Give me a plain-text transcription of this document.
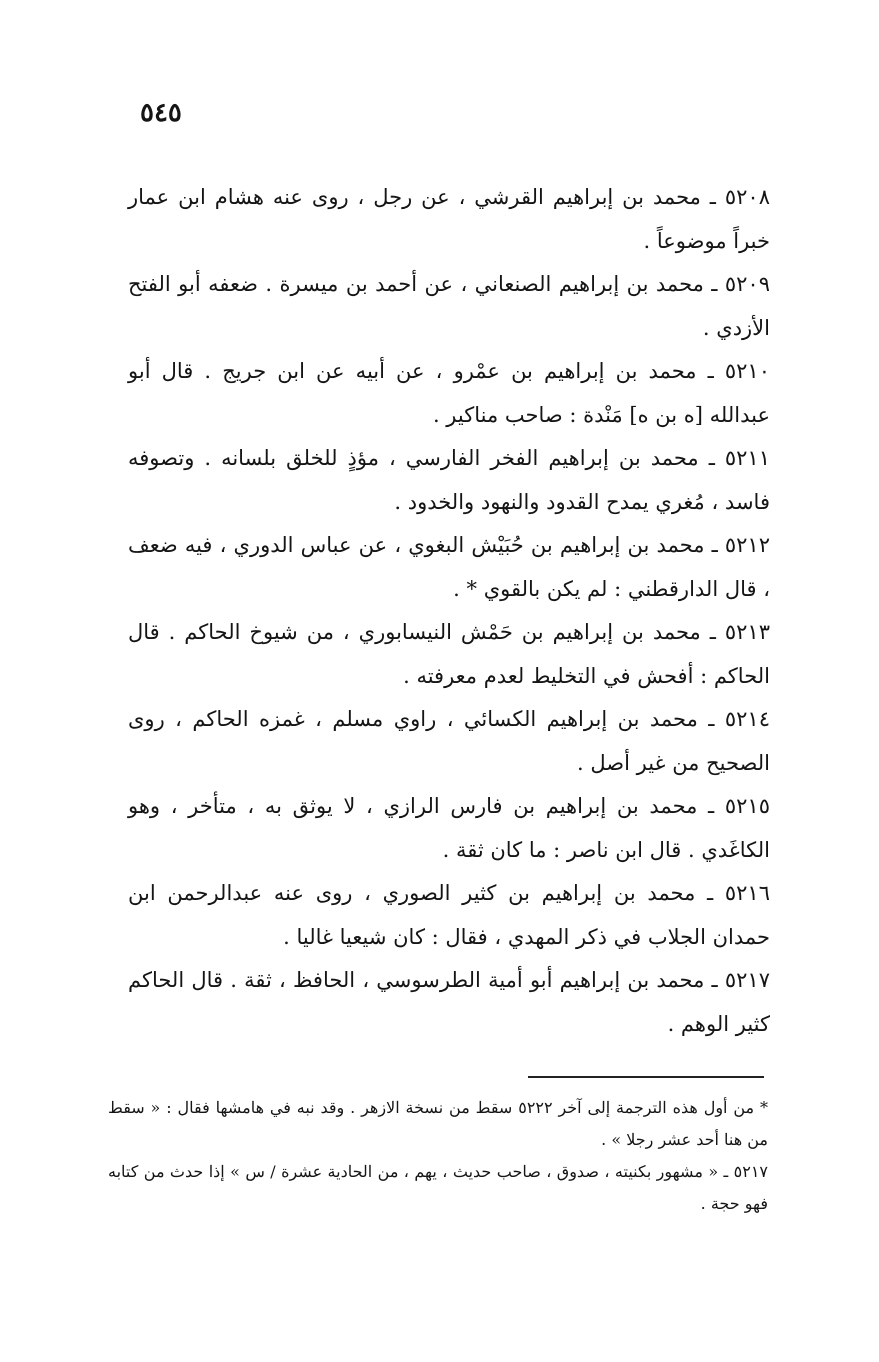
٥٤٥

٥٢٠٨ ـ محمد بن إبراهيم القرشي ، عن رجل ، روى عنه هشام ابن عمار خبراً موضوعاً .

٥٢٠٩ ـ محمد بن إبراهيم الصنعاني ، عن أحمد بن ميسرة . ضعفه أبو الفتح الأزدي .

٥٢١٠ ـ محمد بن إبراهيم بن عمْرو ، عن أبيه عن ابن جريج . قال أبو عبدالله [ه بن ه] مَنْدة : صاحب مناكير .

٥٢١١ ـ محمد بن إبراهيم الفخر الفارسي ، مؤذٍ للخلق بلسانه . وتصوفه فاسد ، مُغري يمدح القدود والنهود والخدود .

٥٢١٢ ـ محمد بن إبراهيم بن حُبَيْش البغوي ، عن عباس الدوري ، فيه ضعف ، قال الدارقطني : لم يكن بالقوي * .

٥٢١٣ ـ محمد بن إبراهيم بن حَمْش النيسابوري ، من شيوخ الحاكم . قال الحاكم : أفحش في التخليط لعدم معرفته .

٥٢١٤ ـ محمد بن إبراهيم الكسائي ، راوي مسلم ، غمزه الحاكم ، روى الصحيح من غير أصل .

٥٢١٥ ـ محمد بن إبراهيم بن فارس الرازي ، لا يوثق به ، متأخر ، وهو الكاغَدي . قال ابن ناصر : ما كان ثقة .

٥٢١٦ ـ محمد بن إبراهيم بن كثير الصوري ، روى عنه عبدالرحمن ابن حمدان الجلاب في ذكر المهدي ، فقال : كان شيعيا غاليا .

٥٢١٧ ـ محمد بن إبراهيم أبو أمية الطرسوسي ، الحافظ ، ثقة . قال الحاكم كثير الوهم .

* من أول هذه الترجمة إلى آخر ٥٢٢٢ سقط من نسخة الازهر . وقد نبه في هامشها فقال : « سقط من هنا أحد عشر رجلا » .

٥٢١٧ ـ « مشهور بكنيته ، صدوق ، صاحب حديث ، يهم ، من الحادية عشرة / س » إذا حدث من كتابه فهو حجة .
